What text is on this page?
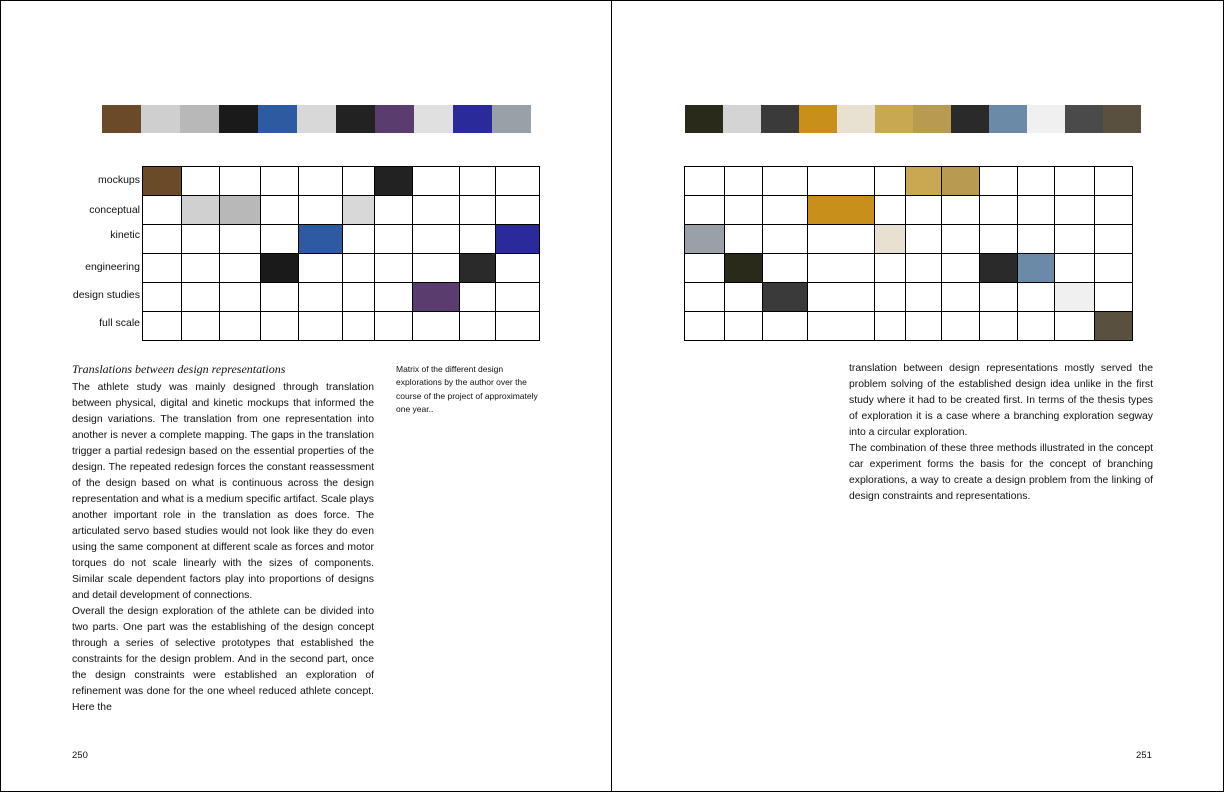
mockups
conceptual
kinetic
engineering
design studies
full scale

Translations between design representations

The athlete study was mainly designed through translation between physical, digital and kinetic mockups that informed the design variations. The translation from one representation into another is never a complete mapping. The gaps in the translation trigger a partial redesign based on the essential properties of the design. The repeated redesign forces the constant reassessment of the design based on what is continuous across the design representation and what is a medium specific artifact. Scale plays another important role in the translation as does force. The articulated servo based studies would not look like they do even using the same component at different scale as forces and motor torques do not scale linearly with the sizes of components. Similar scale dependent factors play into proportions of designs and detail development of connections.

Overall the design exploration of the athlete can be divided into two parts. One part was the establishing of the design concept through a series of selective prototypes that established the constraints for the design problem. And in the second part, once the design constraints were established an exploration of refinement was done for the one wheel reduced athlete concept. Here the

Matrix of the different design explorations by the author over the course of the project of approximately one year..
250

translation between design representations mostly served the problem solving of the established design idea unlike in the first study where it had to be created first. In terms of the thesis types of exploration it is a case where a branching exploration segway into a circular exploration.

The combination of these three methods illustrated in the concept car experiment forms the basis for the concept of branching explorations, a way to create a design problem from the linking of design constraints and representations.

251
